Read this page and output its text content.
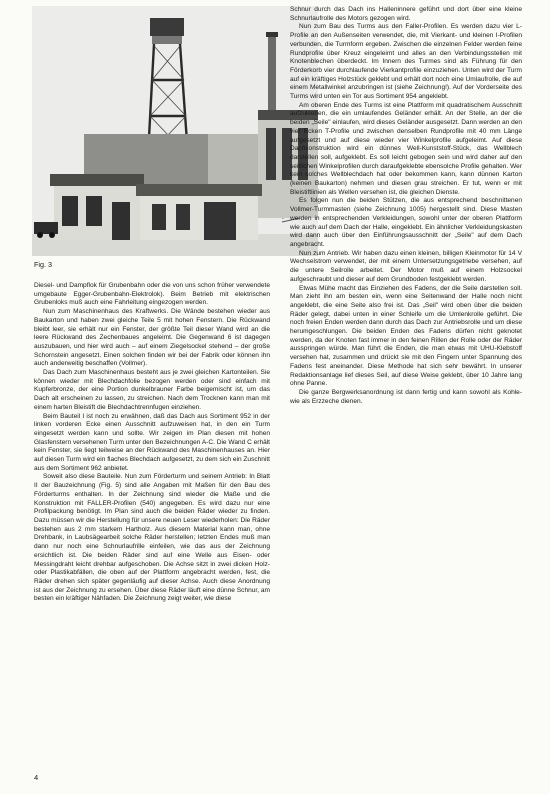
Fig. 3

Diesel- und Dampflok für Grubenbahn oder die von uns schon früher verwendete umgebaute Egger-Grubenbahn-Elektrolok). Beim Betrieb mit elektrischen Grubenloks muß auch eine Fahrleitung eingezogen werden.

Nun zum Maschinenhaus des Kraftwerks. Die Wände bestehen wieder aus Baukarton und haben zwei gleiche Teile 5 mit hohen Fenstern. Die Rückwand bleibt leer, sie erhält nur ein Fenster, der größte Teil dieser Wand wird an die leere Rückwand des Zechenbaues angeleimt. Die Gegenwand 6 ist dagegen auszubauen, und hier wird auch – auf einem Ziegelsockel stehend – der große Schornstein angesetzt. Einen solchen finden wir bei der Fabrik oder können ihn auch anderweitig beschaffen (Vollmer).

Das Dach zum Maschinenhaus besteht aus je zwei gleichen Kartonteilen. Sie können wieder mit Blechdachfolie bezogen werden oder sind einfach mit Kupferbronze, der eine Portion dunkelbrauner Farbe beigemischt ist, um das Dach alt erscheinen zu lassen, zu streichen. Nach dem Trocknen kann man mit einem harten Bleistift die Blechdachtrennfugen einziehen.

Beim Bauteil I ist noch zu erwähnen, daß das Dach aus Sortiment 952 in der linken vorderen Ecke einen Ausschnitt aufzuweisen hat, in den ein Turm eingesetzt werden kann und sollte. Wir zeigen im Plan diesen mit hohen Glasfenstern versehenen Turm unter den Bezeichnungen A-C. Die Wand C erhält kein Fenster, sie liegt teilweise an der Rückwand des Maschinenhauses an. Hier auf diesen Turm wird ein flaches Blechdach aufgesetzt, zu dem sich ein Zuschnitt aus dem Sortiment 962 anbietet.

Soweit also diese Bauteile. Nun zum Förderturm und seinem Antrieb: In Blatt II der Bauzeichnung (Fig. 5) sind alle Angaben mit Maßen für den Bau des Förderturms enthalten. In der Zeichnung sind wieder die Maße und die Konstruktion mit FALLER-Profilen (540) angegeben. Es wird dazu nur eine Profilpackung benötigt. Im Plan sind auch die beiden Räder wieder zu finden. Dazu müssen wir die Herstellung für unsere neuen Leser wiederholen: Die Räder bestehen aus 2 mm starkem Hartholz. Aus diesem Material kann man, ohne Drehbank, in Laubsägearbeit solche Räder herstellen; letzten Endes muß man dann nur noch eine Schnurlaufrille einfeilen, wie das aus der Zeichnung ersichtlich ist. Die beiden Räder sind auf eine Welle aus Eisen- oder Messingdraht leicht drehbar aufgeschoben. Die Achse sitzt in zwei dicken Holz- oder Plastikabfällen, die oben auf der Plattform angebracht werden, fest, die Räder drehen sich später gegenläufig auf dieser Achse. Auch diese Anordnung ist aus der Zeichnung zu ersehen. Über diese Räder läuft eine dünne Schnur, am besten ein kräftiger Nähfaden. Die Zeichnung zeigt weiter, wie diese

Schnur durch das Dach ins Halleninnere geführt und dort über eine kleine Schnurlaufrolle des Motors gezogen wird.

Nun zum Bau des Turms aus den Faller-Profilen. Es werden dazu vier L-Profile an den Außenseiten verwendet, die, mit Vierkant- und kleinen I-Profilen verbunden, die Turmform ergeben. Zwischen die einzelnen Felder werden feine Rundprofile über Kreuz eingeleimt und alles an den Verbindungsstellen mit Knotenblechen überdeckt. Im Innern des Turmes sind als Führung für den Förderkorb vier durchlaufende Vierkantprofile einzuziehen. Unten wird der Turm auf ein kräftiges Holzstück geklebt und erhält dort noch eine Umlaufrolle, die auf einem Metallwinkel anzubringen ist (siehe Zeichnung!). Auf der Vorderseite des Turms wird unten ein Tor aus Sortiment 954 angeklebt.

Am oberen Ende des Turms ist eine Plattform mit quadratischem Ausschnitt aufzukleben, die ein umlaufendes Geländer erhält. An der Stelle, an der die beiden „Seile" einlaufen, wird dieses Geländer ausgesetzt. Dann werden an den vier Ecken T-Profile und zwischen denselben Rundprofile mit 40 mm Länge aufgesetzt und auf diese wieder vier Winkelprofile aufgeleimt. Auf diese Dachkonstruktion wird ein dünnes Well-Kunststoff-Stück, das Wellblech darstellen soll, aufgeklebt. Es soll leicht gebogen sein und wird daher auf den seitlichen Winkelprofilen durch daraufgeklebte ebensolche Profile gehalten. Wer kein solches Wellblechdach hat oder bekommen kann, kann dünnen Karton (keinen Baukarton) nehmen und diesen grau streichen. Er tut, wenn er mit Bleistiftlinien als Wellen versehen ist, die gleichen Dienste.

Es folgen nun die beiden Stützen, die aus entsprechend beschnittenen Vollmer-Turmmasten (siehe Zeichnung 1005) hergestellt sind. Diese Masten werden in entsprechenden Verkleidungen, sowohl unter der oberen Plattform wie auch auf dem Dach der Halle, eingeklebt. Ein ähnlicher Verkleidungskasten wird dann auch über den Einführungsausschnitt der „Seile" auf dem Dach angebracht.

Nun zum Antrieb. Wir haben dazu einen kleinen, billigen Kleinmotor für 14 V Wechselstrom verwendet, der mit einem Untersetzungsgetriebe versehen, auf die untere Seilrolle arbeitet. Der Motor muß auf einem Holzsockel aufgeschraubt und dieser auf dem Grundboden festgeklebt werden.

Etwas Mühe macht das Einziehen des Fadens, der die Seile darstellen soll. Man zieht ihn am besten ein, wenn eine Seitenwand der Halle noch nicht angeklebt, die eine Seite also frei ist. Das „Seil" wird oben über die beiden Räder gelegt, dabei unten in einer Schleife um die Umlenkrolle geführt. Die noch freien Enden werden dann durch das Dach zur Antriebsrolle und um diese herumgeschlungen. Die beiden Enden des Fadens dürfen nicht geknotet werden, da der Knoten fast immer in den feinen Rillen der Rolle oder der Räder ausspringen würde. Man führt die Enden, die man etwas mit UHU-Klebstoff versehen hat, zusammen und drückt sie mit den Fingern unter Spannung des Fadens fest aneinander. Diese Methode hat sich sehr bewährt. In unserer Redaktionsanlage lief dieses Seil, auf diese Weise geklebt, über 10 Jahre lang ohne Panne.

Die ganze Bergwerksanordnung ist dann fertig und kann sowohl als Kohle- wie als Erzzeche dienen.

4
